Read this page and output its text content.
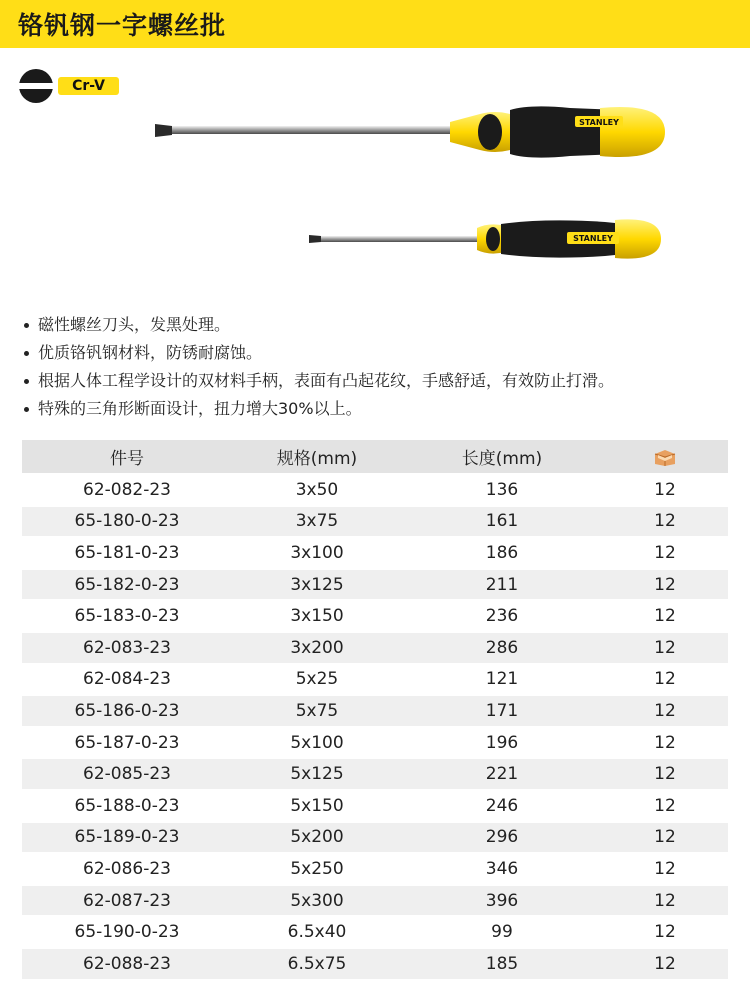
铬钒钢一字螺丝批
Cr-V
STANLEY
STANLEY
磁性螺丝刀头，发黑处理。
优质铬钒钢材料，防锈耐腐蚀。
根据人体工程学设计的双材料手柄，表面有凸起花纹，手感舒适，有效防止打滑。
特殊的三角形断面设计，扭力增大30%以上。
件号	规格(mm)	长度(mm)	
62-082-23	3x50	136	12
65-180-0-23	3x75	161	12
65-181-0-23	3x100	186	12
65-182-0-23	3x125	211	12
65-183-0-23	3x150	236	12
62-083-23	3x200	286	12
62-084-23	5x25	121	12
65-186-0-23	5x75	171	12
65-187-0-23	5x100	196	12
62-085-23	5x125	221	12
65-188-0-23	5x150	246	12
65-189-0-23	5x200	296	12
62-086-23	5x250	346	12
62-087-23	5x300	396	12
65-190-0-23	6.5x40	99	12
62-088-23	6.5x75	185	12
